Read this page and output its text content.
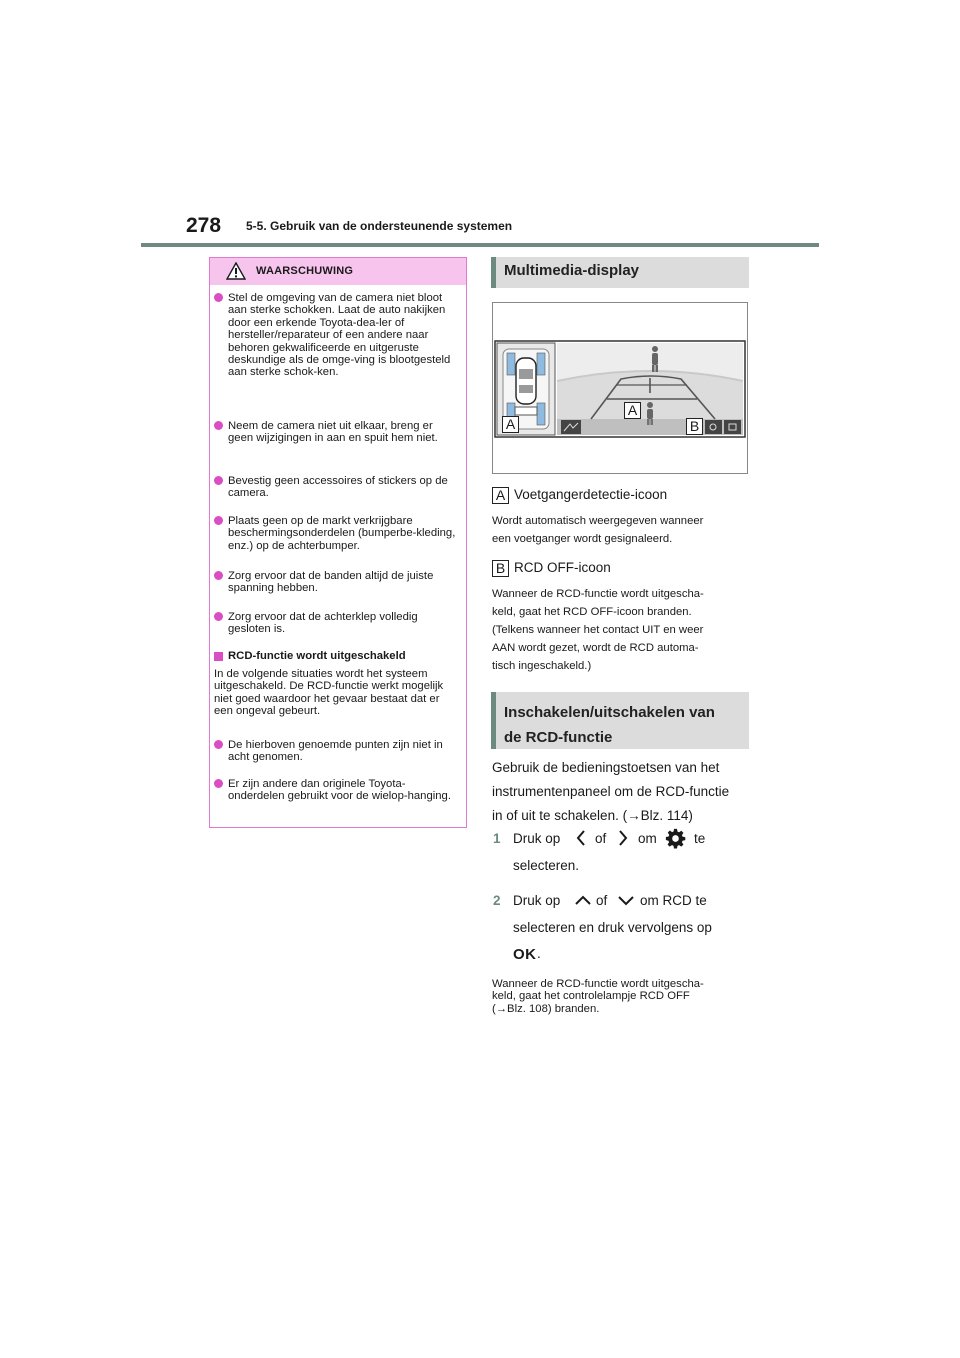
278 5-5. Gebruik van de ondersteunende systemen
WAARSCHUWING
Stel de omgeving van de camera niet bloot aan sterke schokken. Laat de auto nakijken door een erkende Toyota-dea-ler of hersteller/reparateur of een andere naar behoren gekwalificeerde en uitgeruste deskundige als de omge-ving is blootgesteld aan sterke schok-ken.
Neem de camera niet uit elkaar, breng er geen wijzigingen in aan en spuit hem niet.
Bevestig geen accessoires of stickers op de camera.
Plaats geen op de markt verkrijgbare beschermingsonderdelen (bumperbe-kleding, enz.) op de achterbumper.
Zorg ervoor dat de banden altijd de juiste spanning hebben.
Zorg ervoor dat de achterklep volledig gesloten is.
RCD-functie wordt uitgeschakeld
In de volgende situaties wordt het systeem uitgeschakeld. De RCD-functie werkt mogelijk niet goed waardoor het gevaar bestaat dat er een ongeval gebeurt.
De hierboven genoemde punten zijn niet in acht genomen.
Er zijn andere dan originele Toyota-onderdelen gebruikt voor de wielop-hanging.
Multimedia-display
A
A
B
A Voetgangerdetectie-icoon
Wordt automatisch weergegeven wanneer
een voetganger wordt gesignaleerd.
B RCD OFF-icoon
Wanneer de RCD-functie wordt uitgescha-
keld, gaat het RCD OFF-icoon branden.
(Telkens wanneer het contact UIT en weer
AAN wordt gezet, wordt de RCD automa-
tisch ingeschakeld.)
Inschakelen/uitschakelen van
de RCD-functie
Gebruik de bedieningstoetsen van het
instrumentenpaneel om de RCD-functie
in of uit te schakelen. (→Blz. 114)
1 Druk op	of om	te
selecteren.
2 Druk op	of om RCD te
selecteren en druk vervolgens op
OK .
Wanneer de RCD-functie wordt uitgescha-
keld, gaat het controlelampje RCD OFF
(→Blz. 108) branden.
